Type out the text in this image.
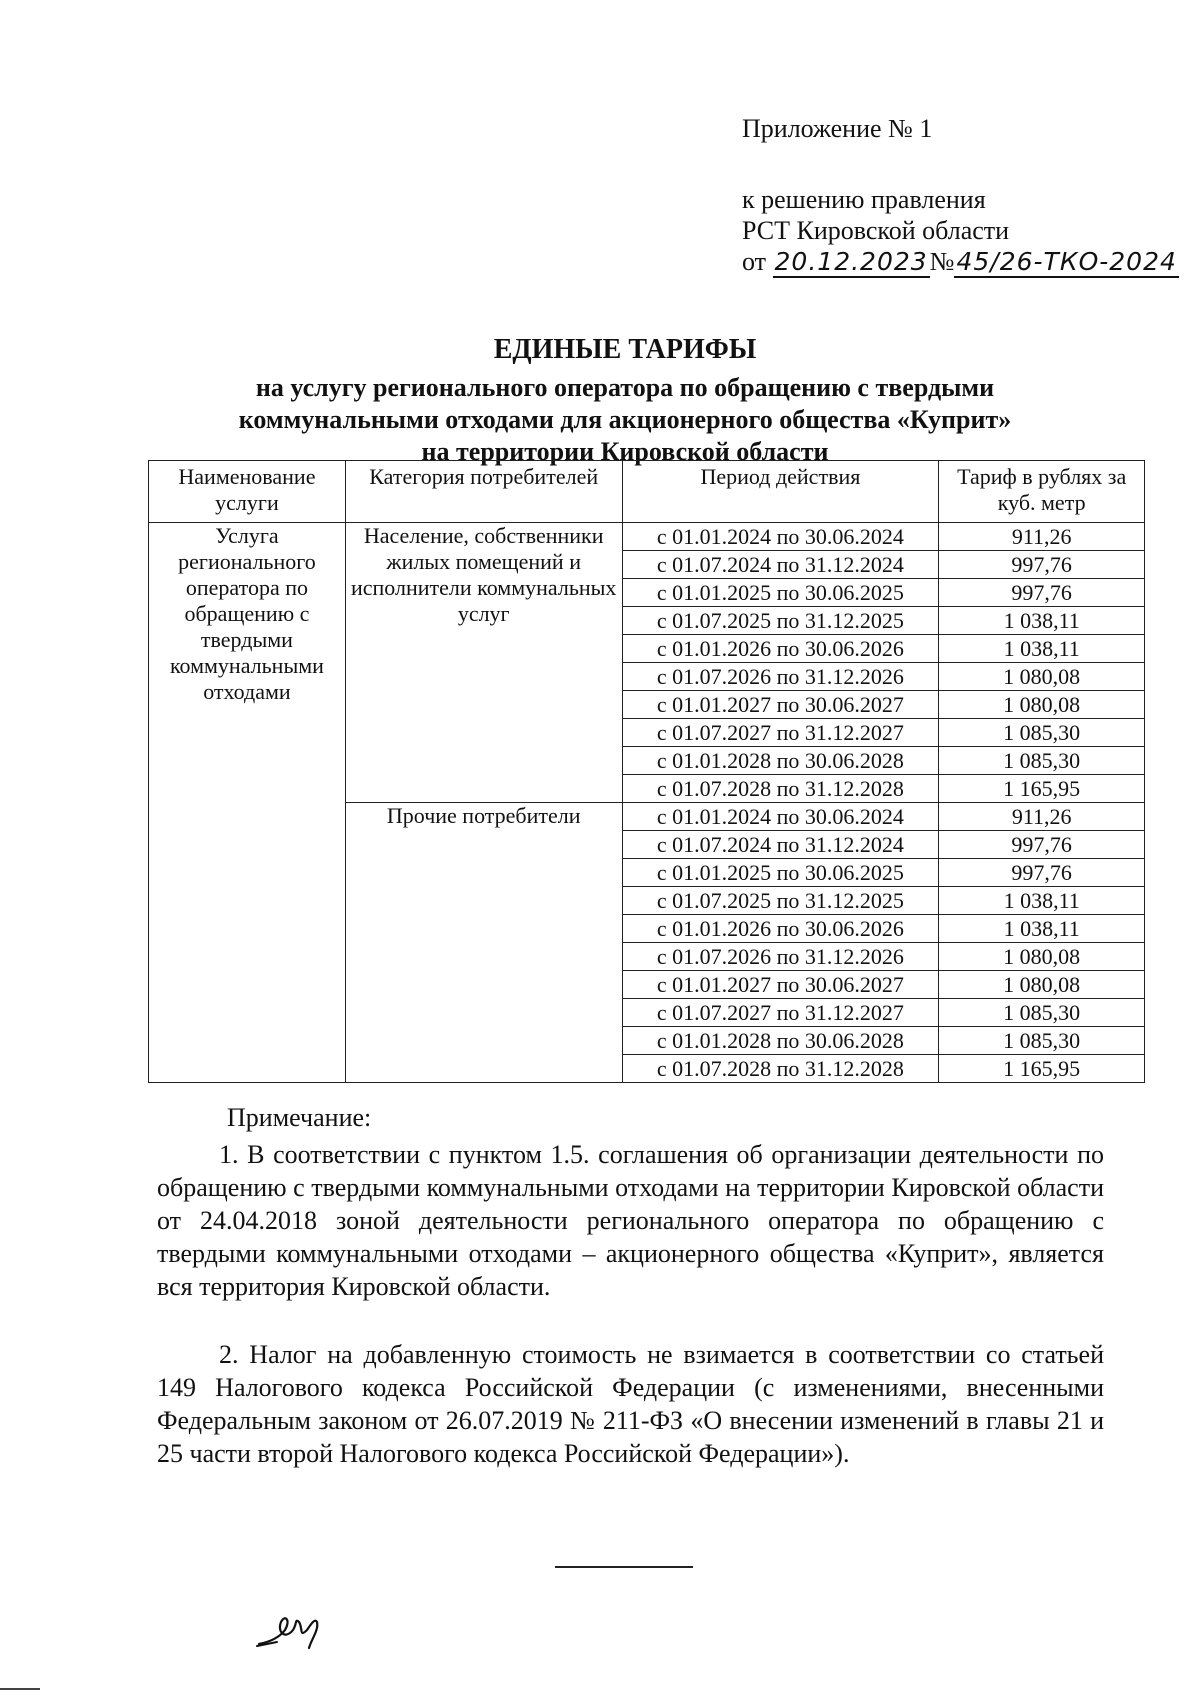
Приложение № 1
к решению правления
РСТ Кировской области
от 20.12.2023№45/26-ТКО-2024
ЕДИНЫЕ ТАРИФЫ
на услугу регионального оператора по обращению с твердыми
коммунальными отходами для акционерного общества «Куприт»
на территории Кировской области
Наименование услуги	Категория потребителей	Период действия	Тариф в рублях за куб. метр
Услуга регионального оператора по обращению с твердыми коммунальными отходами	Население, собственники жилых помещений и исполнители коммунальных услуг	с 01.01.2024 по 30.06.2024	911,26
		с 01.07.2024 по 31.12.2024	997,76
		с 01.01.2025 по 30.06.2025	997,76
		с 01.07.2025 по 31.12.2025	1 038,11
		с 01.01.2026 по 30.06.2026	1 038,11
		с 01.07.2026 по 31.12.2026	1 080,08
		с 01.01.2027 по 30.06.2027	1 080,08
		с 01.07.2027 по 31.12.2027	1 085,30
		с 01.01.2028 по 30.06.2028	1 085,30
		с 01.07.2028 по 31.12.2028	1 165,95
	Прочие потребители	с 01.01.2024 по 30.06.2024	911,26
		с 01.07.2024 по 31.12.2024	997,76
		с 01.01.2025 по 30.06.2025	997,76
		с 01.07.2025 по 31.12.2025	1 038,11
		с 01.01.2026 по 30.06.2026	1 038,11
		с 01.07.2026 по 31.12.2026	1 080,08
		с 01.01.2027 по 30.06.2027	1 080,08
		с 01.07.2027 по 31.12.2027	1 085,30
		с 01.01.2028 по 30.06.2028	1 085,30
		с 01.07.2028 по 31.12.2028	1 165,95
Примечание:

1. В соответствии с пунктом 1.5. соглашения об организации деятельности по обращению с твердыми коммунальными отходами на территории Кировской области от 24.04.2018 зоной деятельности регионального оператора по обращению с твердыми коммунальными отходами – акционерного общества «Куприт», является вся территория Кировской области.

2. Налог на добавленную стоимость не взимается в соответствии со статьей 149 Налогового кодекса Российской Федерации (с изменениями, внесенными Федеральным законом от 26.07.2019 № 211-ФЗ «О внесении изменений в главы 21 и 25 части второй Налогового кодекса Российской Федерации»).
